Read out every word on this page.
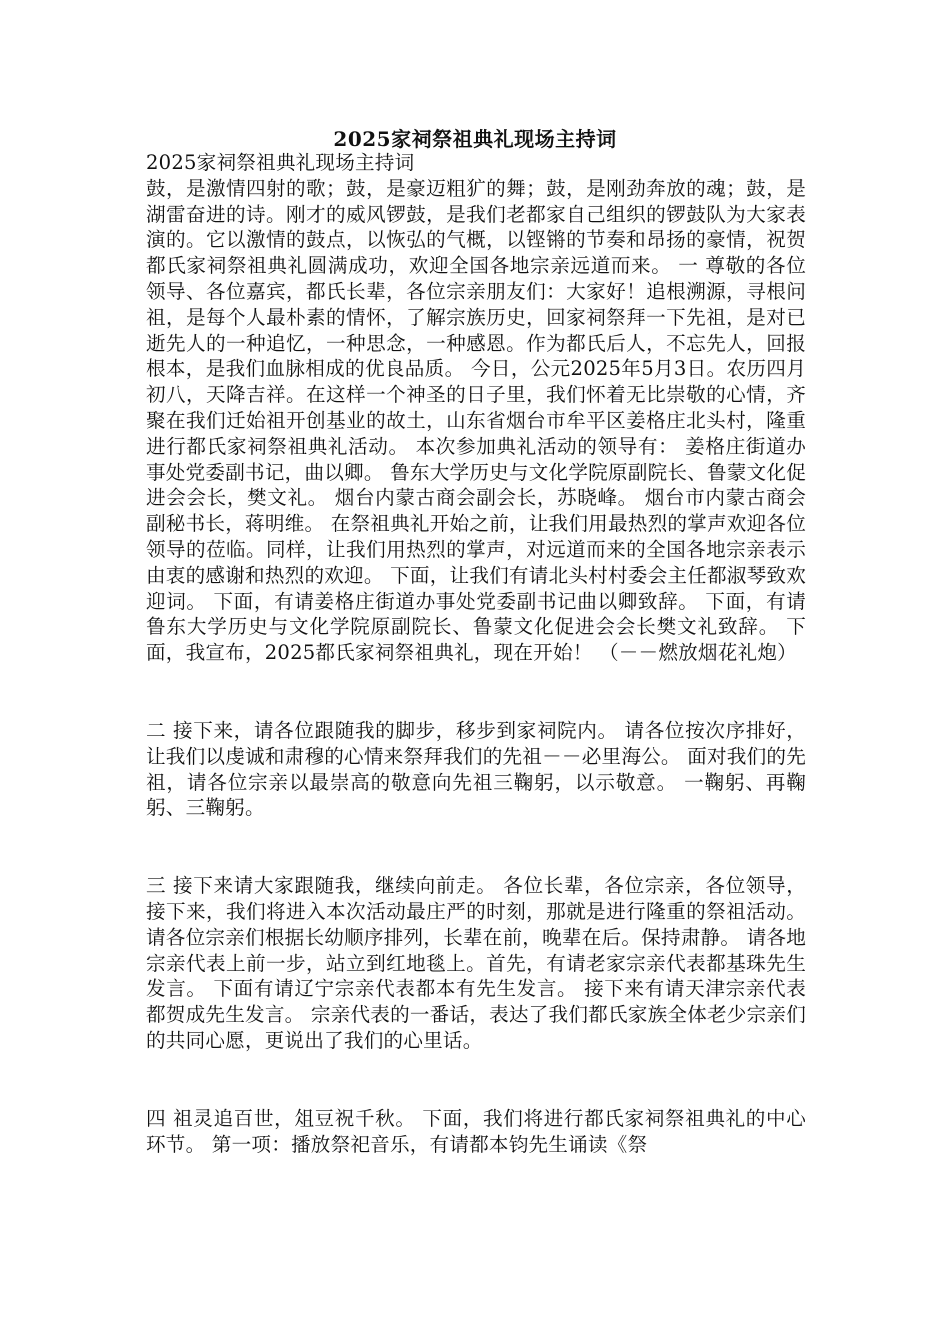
2025家祠祭祖典礼现场主持词

2025家祠祭祖典礼现场主持词

鼓，是激情四射的歌；鼓，是豪迈粗犷的舞；鼓，是刚劲奔放的魂；鼓，是湖雷奋进的诗。刚才的威风锣鼓，是我们老都家自己组织的锣鼓队为大家表演的。它以激情的鼓点，以恢弘的气概，以铿锵的节奏和昂扬的豪情，祝贺都氏家祠祭祖典礼圆满成功，欢迎全国各地宗亲远道而来。 一 尊敬的各位领导、各位嘉宾，都氏长辈，各位宗亲朋友们：大家好！追根溯源，寻根问祖，是每个人最朴素的情怀，了解宗族历史，回家祠祭拜一下先祖，是对已逝先人的一种追忆，一种思念，一种感恩。作为都氏后人，不忘先人，回报根本，是我们血脉相成的优良品质。 今日，公元2025年5月3日。农历四月初八，天降吉祥。在这样一个神圣的日子里，我们怀着无比崇敬的心情，齐聚在我们迁始祖开创基业的故土，山东省烟台市牟平区姜格庄北头村，隆重进行都氏家祠祭祖典礼活动。 本次参加典礼活动的领导有： 姜格庄街道办事处党委副书记，曲以卿。 鲁东大学历史与文化学院原副院长、鲁蒙文化促进会会长，樊文礼。 烟台内蒙古商会副会长，苏晓峰。 烟台市内蒙古商会副秘书长，蒋明维。 在祭祖典礼开始之前，让我们用最热烈的掌声欢迎各位领导的莅临。同样，让我们用热烈的掌声，对远道而来的全国各地宗亲表示由衷的感谢和热烈的欢迎。 下面，让我们有请北头村村委会主任都淑琴致欢迎词。 下面，有请姜格庄街道办事处党委副书记曲以卿致辞。 下面，有请鲁东大学历史与文化学院原副院长、鲁蒙文化促进会会长樊文礼致辞。 下面，我宣布，2025都氏家祠祭祖典礼，现在开始！ （－－燃放烟花礼炮）

二 接下来，请各位跟随我的脚步，移步到家祠院内。 请各位按次序排好，让我们以虔诚和肃穆的心情来祭拜我们的先祖－－必里海公。 面对我们的先祖，请各位宗亲以最崇高的敬意向先祖三鞠躬，以示敬意。 一鞠躬、再鞠躬、三鞠躬。

三 接下来请大家跟随我，继续向前走。 各位长辈，各位宗亲，各位领导，接下来，我们将进入本次活动最庄严的时刻，那就是进行隆重的祭祖活动。 请各位宗亲们根据长幼顺序排列，长辈在前，晚辈在后。保持肃静。 请各地宗亲代表上前一步，站立到红地毯上。首先，有请老家宗亲代表都基珠先生发言。 下面有请辽宁宗亲代表都本有先生发言。 接下来有请天津宗亲代表都贺成先生发言。 宗亲代表的一番话，表达了我们都氏家族全体老少宗亲们的共同心愿，更说出了我们的心里话。

四 祖灵追百世，俎豆祝千秋。 下面，我们将进行都氏家祠祭祖典礼的中心环节。 第一项：播放祭祀音乐，有请都本钧先生诵读《祭
